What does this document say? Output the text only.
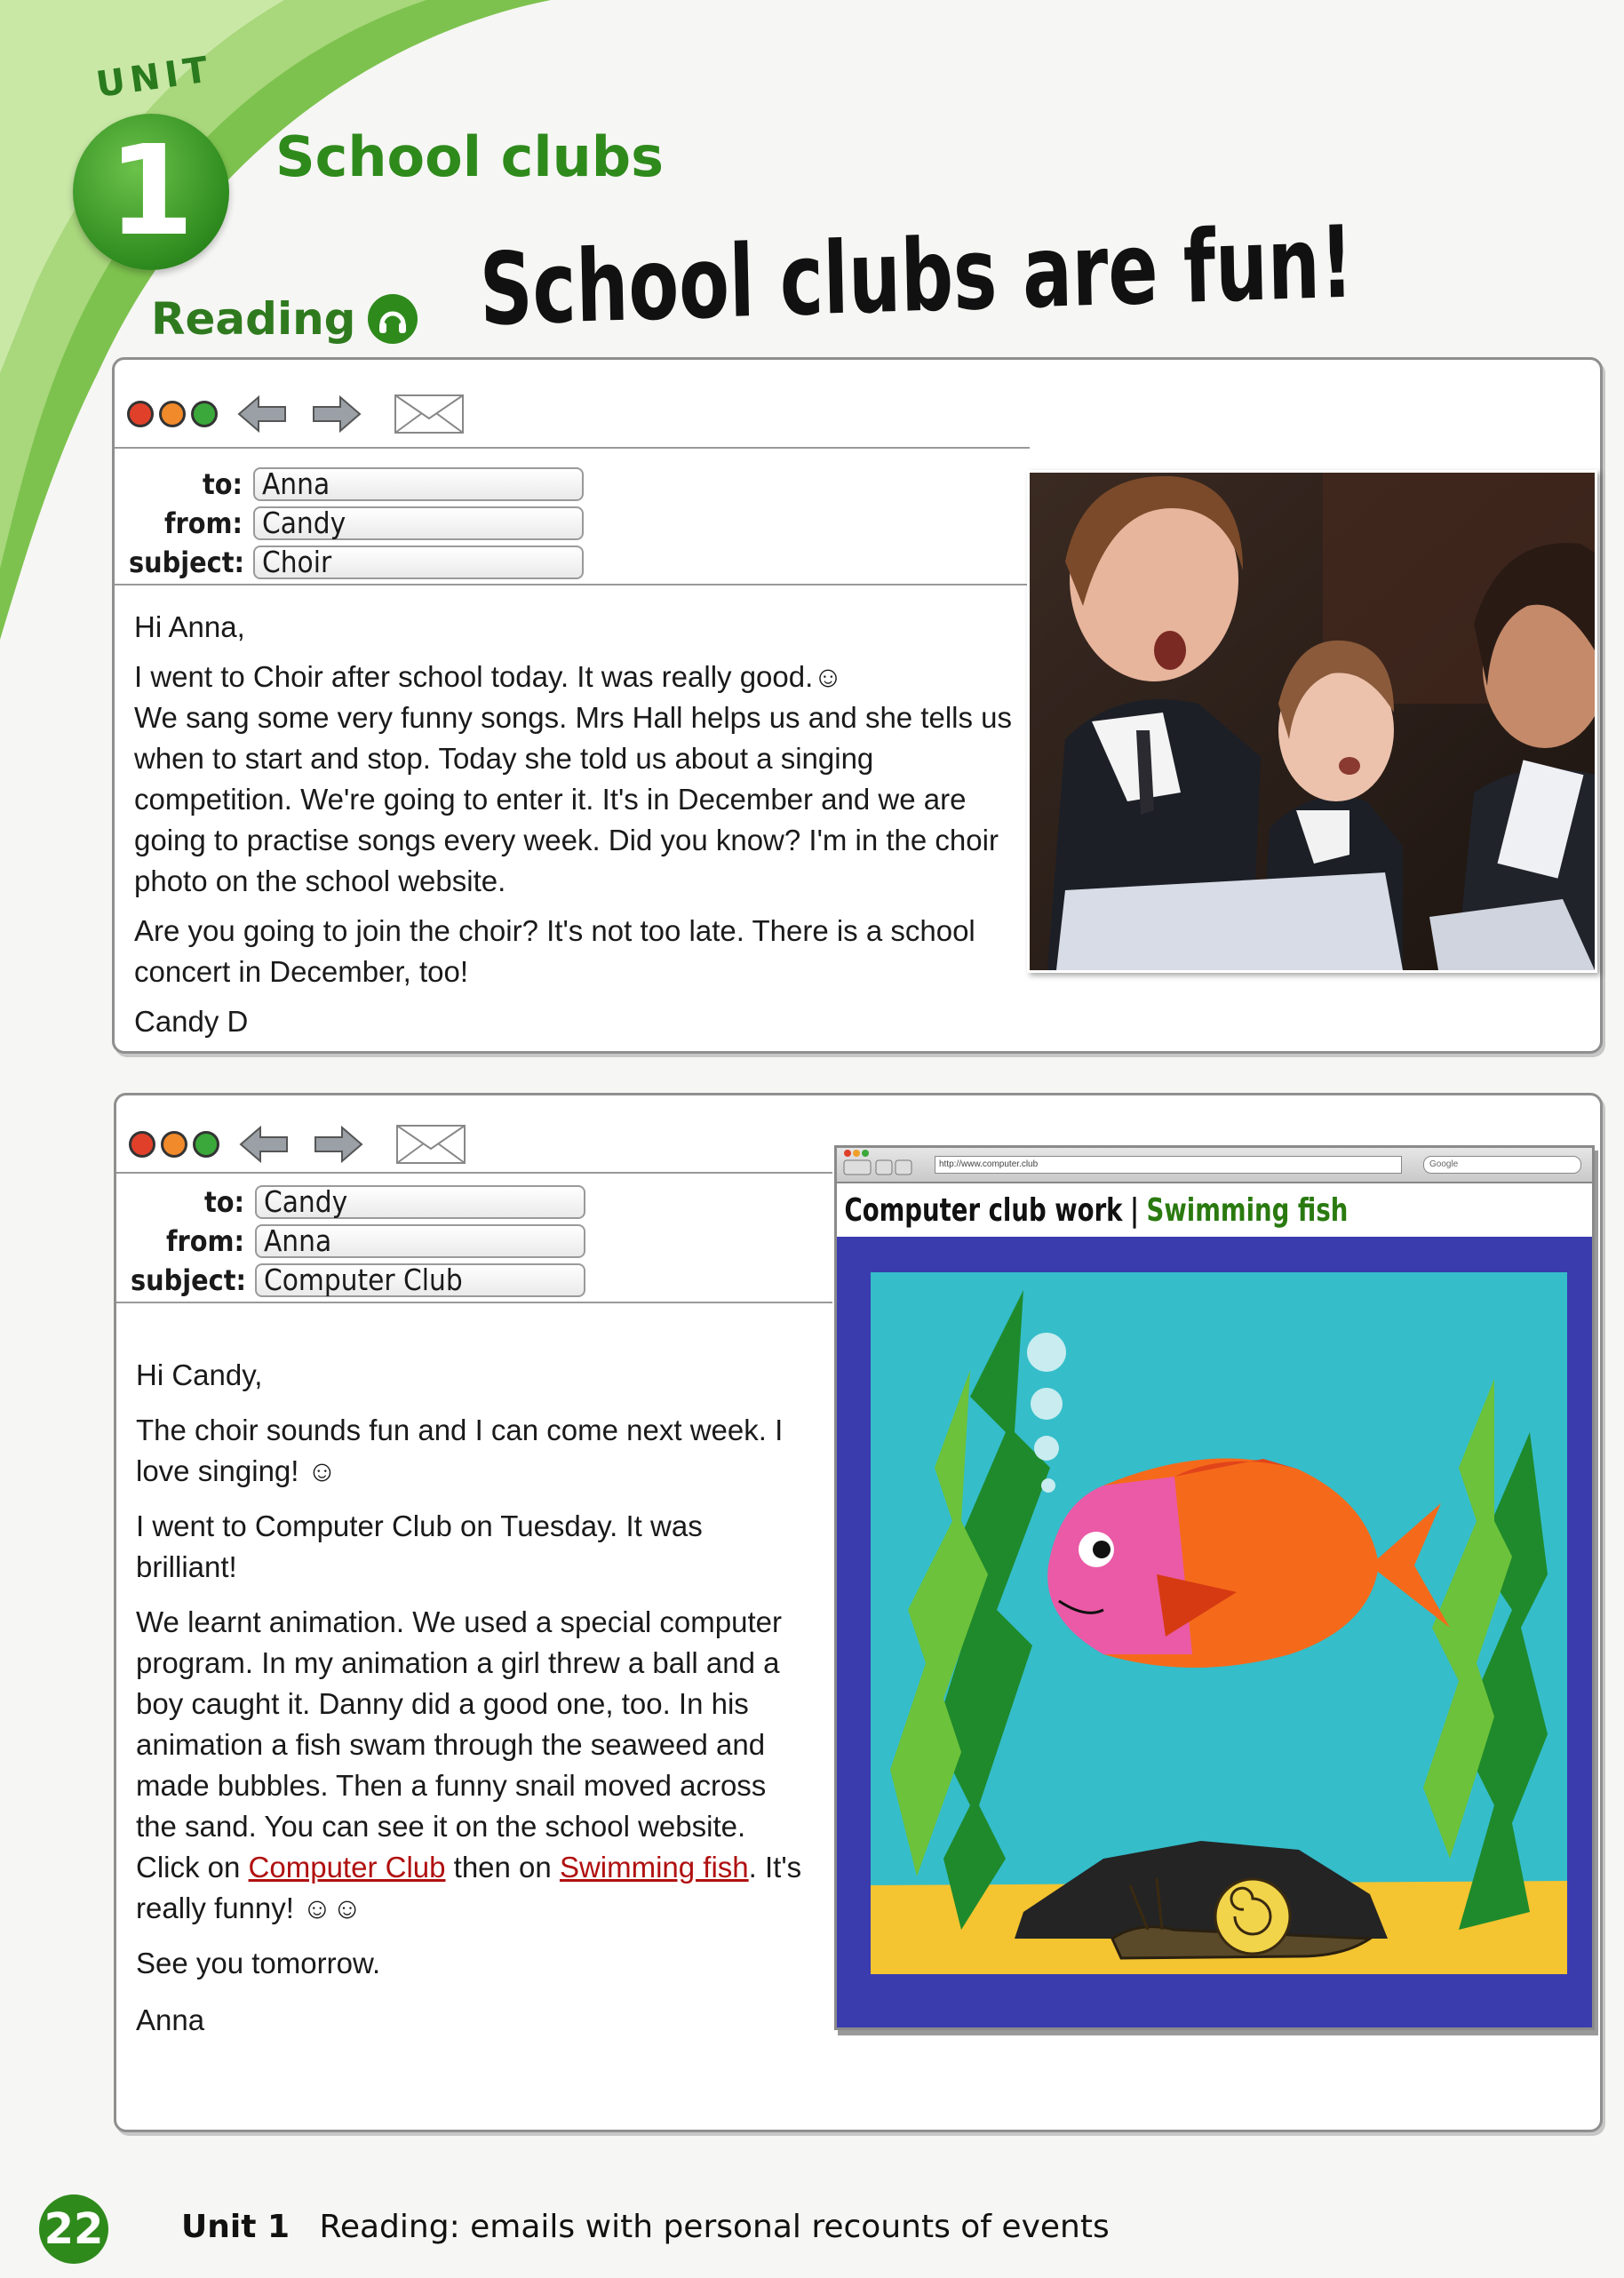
UNIT
1 School clubs
Reading School clubs are fun!
to: Anna
from: Candy
subject: Choir

Hi Anna,

I went to Choir after school today. It was really good.☺
We sang some very funny songs. Mrs Hall helps us and she tells us when to start and stop. Today she told us about a singing competition. We're going to enter it. It's in December and we are going to practise songs every week. Did you know? I'm in the choir photo on the school website.

Are you going to join the choir? It's not too late. There is a school concert in December, too!

Candy D

to: Candy
from: Anna
subject: Computer Club

Hi Candy,

The choir sounds fun and I can come next week. I love singing! ☺

I went to Computer Club on Tuesday. It was brilliant!

We learnt animation. We used a special computer program. In my animation a girl threw a ball and a boy caught it. Danny did a good one, too. In his animation a fish swam through the seaweed and made bubbles. Then a funny snail moved across the sand. You can see it on the school website. Click on Computer Club then on Swimming fish. It's really funny! ☺☺

See you tomorrow.

Anna

http://www.computer.club	Google
Computer club work | Swimming fish
22 Unit 1 Reading: emails with personal recounts of events
